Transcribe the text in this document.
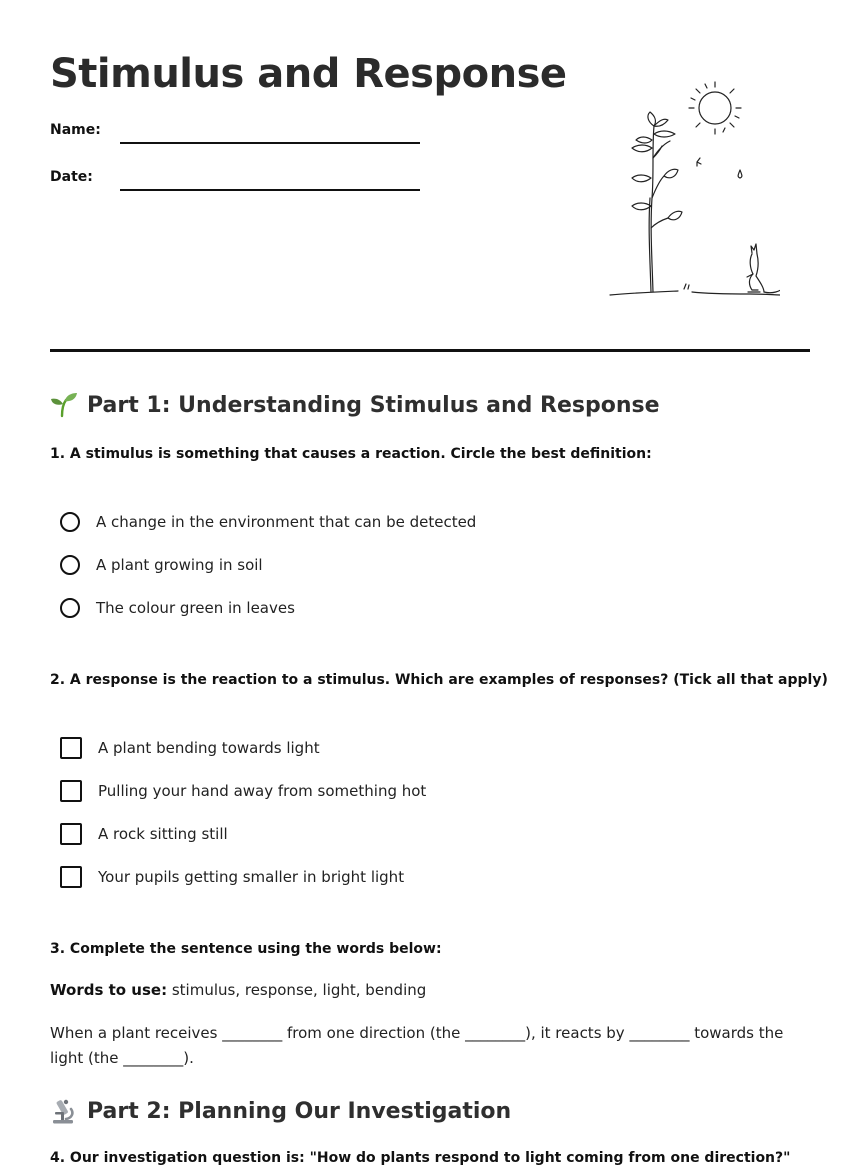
Stimulus and Response
Name:
Date:
Part 1: Understanding Stimulus and Response

1. A stimulus is something that causes a reaction. Circle the best definition:

A change in the environment that can be detected
A plant growing in soil
The colour green in leaves

2. A response is the reaction to a stimulus. Which are examples of responses? (Tick all that apply)

A plant bending towards light
Pulling your hand away from something hot
A rock sitting still
Your pupils getting smaller in bright light

3. Complete the sentence using the words below:

Words to use: stimulus, response, light, bending

When a plant receives ________ from one direction (the ________), it reacts by ________ towards the light (the ________).

Part 2: Planning Our Investigation

4. Our investigation question is: "How do plants respond to light coming from one direction?"
